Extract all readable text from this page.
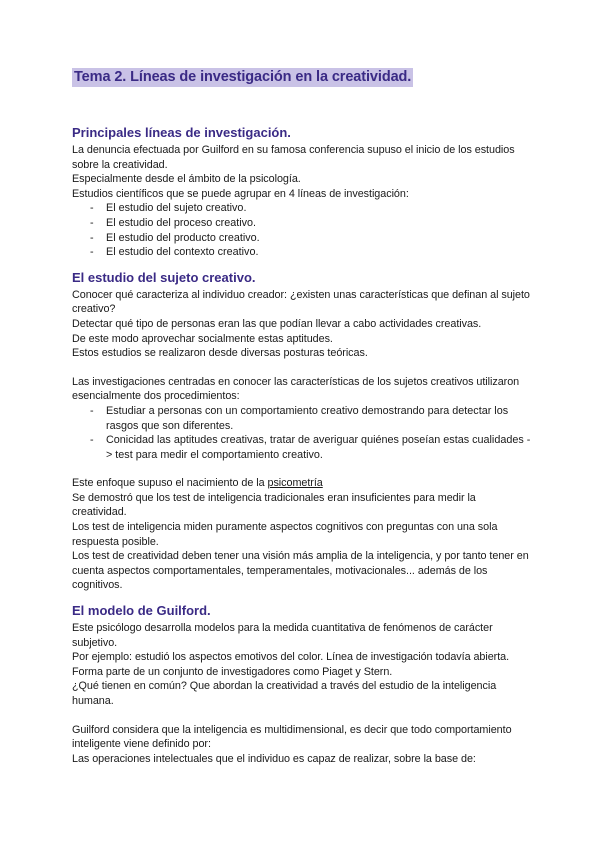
Tema 2. Líneas de investigación en la creatividad.
Principales líneas de investigación.

La denuncia efectuada por Guilford en su famosa conferencia supuso el inicio de los estudios sobre la creatividad.

Especialmente desde el ámbito de la psicología.

Estudios científicos que se puede agrupar en 4 líneas de investigación:

- El estudio del sujeto creativo.
- El estudio del proceso creativo.
- El estudio del producto creativo.
- El estudio del contexto creativo.
El estudio del sujeto creativo.

Conocer qué caracteriza al individuo creador: ¿existen unas características que definan al sujeto creativo?

Detectar qué tipo de personas eran las que podían llevar a cabo actividades creativas.

De este modo aprovechar socialmente estas aptitudes.

Estos estudios se realizaron desde diversas posturas teóricas.

Las investigaciones centradas en conocer las características de los sujetos creativos utilizaron esencialmente dos procedimientos:

- Estudiar a personas con un comportamiento creativo demostrando para detectar los rasgos que son diferentes.
- Conicidad las aptitudes creativas, tratar de averiguar quiénes poseían estas cualidades -> test para medir el comportamiento creativo.

Este enfoque supuso el nacimiento de la psicometría

Se demostró que los test de inteligencia tradicionales eran insuficientes para medir la creatividad.

Los test de inteligencia miden puramente aspectos cognitivos con preguntas con una sola respuesta posible.

Los test de creatividad deben tener una visión más amplia de la inteligencia, y por tanto tener en cuenta aspectos comportamentales, temperamentales, motivacionales... además de los cognitivos.

El modelo de Guilford.

Este psicólogo desarrolla modelos para la medida cuantitativa de fenómenos de carácter subjetivo.

Por ejemplo: estudió los aspectos emotivos del color. Línea de investigación todavía abierta.

Forma parte de un conjunto de investigadores como Piaget y Stern.

¿Qué tienen en común? Que abordan la creatividad a través del estudio de la inteligencia humana.

Guilford considera que la inteligencia es multidimensional, es decir que todo comportamiento inteligente viene definido por:

Las operaciones intelectuales que el individuo es capaz de realizar, sobre la base de:
